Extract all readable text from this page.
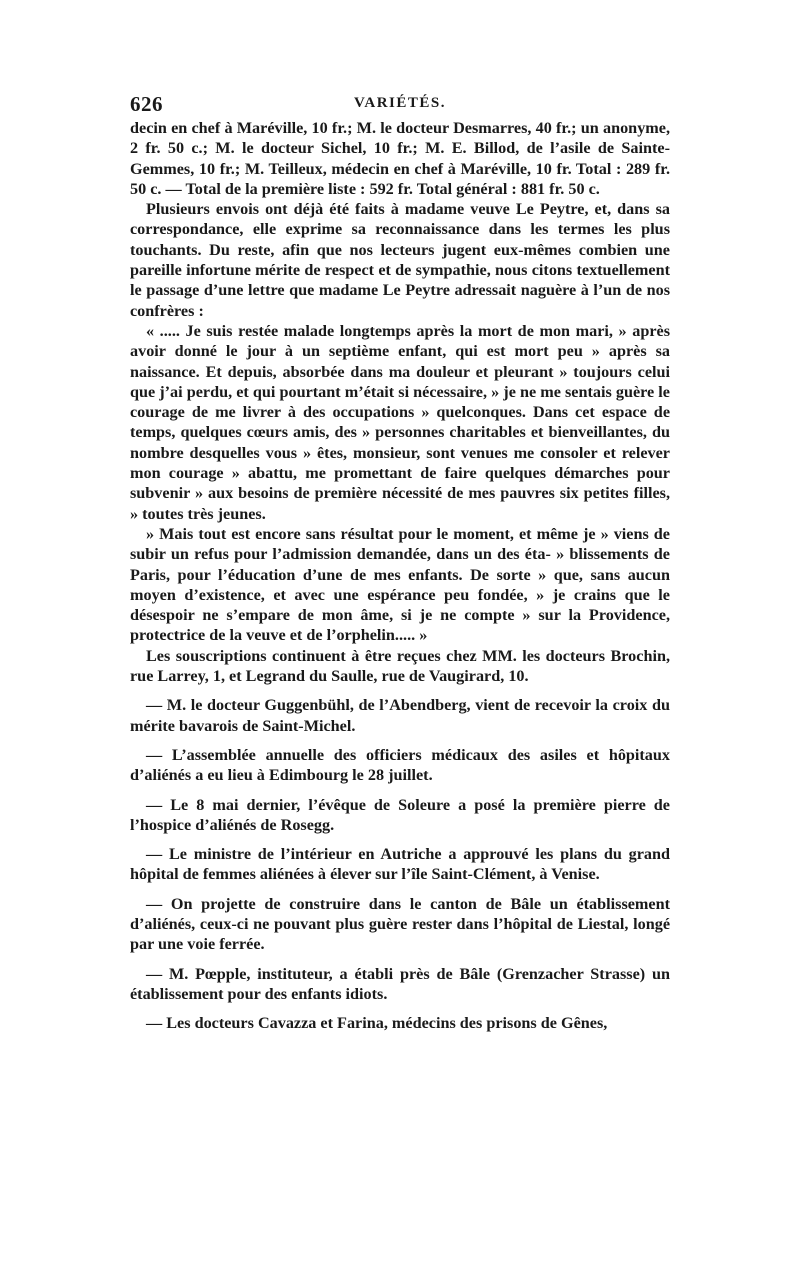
626	VARIÉTÉS.

decin en chef à Maréville, 10 fr.; M. le docteur Desmarres, 40 fr.; un anonyme, 2 fr. 50 c.; M. le docteur Sichel, 10 fr.; M. E. Billod, de l’asile de Sainte-Gemmes, 10 fr.; M. Teilleux, médecin en chef à Maréville, 10 fr. Total : 289 fr. 50 c. — Total de la première liste : 592 fr. Total général : 881 fr. 50 c.

Plusieurs envois ont déjà été faits à madame veuve Le Peytre, et, dans sa correspondance, elle exprime sa reconnaissance dans les termes les plus touchants. Du reste, afin que nos lecteurs jugent eux-mêmes combien une pareille infortune mérite de respect et de sympathie, nous citons textuellement le passage d’une lettre que madame Le Peytre adressait naguère à l’un de nos confrères :

« ..... Je suis restée malade longtemps après la mort de mon mari, » après avoir donné le jour à un septième enfant, qui est mort peu » après sa naissance. Et depuis, absorbée dans ma douleur et pleurant » toujours celui que j’ai perdu, et qui pourtant m’était si nécessaire, » je ne me sentais guère le courage de me livrer à des occupations » quelconques. Dans cet espace de temps, quelques cœurs amis, des » personnes charitables et bienveillantes, du nombre desquelles vous » êtes, monsieur, sont venues me consoler et relever mon courage » abattu, me promettant de faire quelques démarches pour subvenir » aux besoins de première nécessité de mes pauvres six petites filles, » toutes très jeunes.

» Mais tout est encore sans résultat pour le moment, et même je » viens de subir un refus pour l’admission demandée, dans un des éta- » blissements de Paris, pour l’éducation d’une de mes enfants. De sorte » que, sans aucun moyen d’existence, et avec une espérance peu fondée, » je crains que le désespoir ne s’empare de mon âme, si je ne compte » sur la Providence, protectrice de la veuve et de l’orphelin..... »

Les souscriptions continuent à être reçues chez MM. les docteurs Brochin, rue Larrey, 1, et Legrand du Saulle, rue de Vaugirard, 10.

— M. le docteur Guggenbühl, de l’Abendberg, vient de recevoir la croix du mérite bavarois de Saint-Michel.

— L’assemblée annuelle des officiers médicaux des asiles et hôpitaux d’aliénés a eu lieu à Edimbourg le 28 juillet.

— Le 8 mai dernier, l’évêque de Soleure a posé la première pierre de l’hospice d’aliénés de Rosegg.

— Le ministre de l’intérieur en Autriche a approuvé les plans du grand hôpital de femmes aliénées à élever sur l’île Saint-Clément, à Venise.

— On projette de construire dans le canton de Bâle un établissement d’aliénés, ceux-ci ne pouvant plus guère rester dans l’hôpital de Liestal, longé par une voie ferrée.

— M. Pœpple, instituteur, a établi près de Bâle (Grenzacher Strasse) un établissement pour des enfants idiots.

— Les docteurs Cavazza et Farina, médecins des prisons de Gênes,
